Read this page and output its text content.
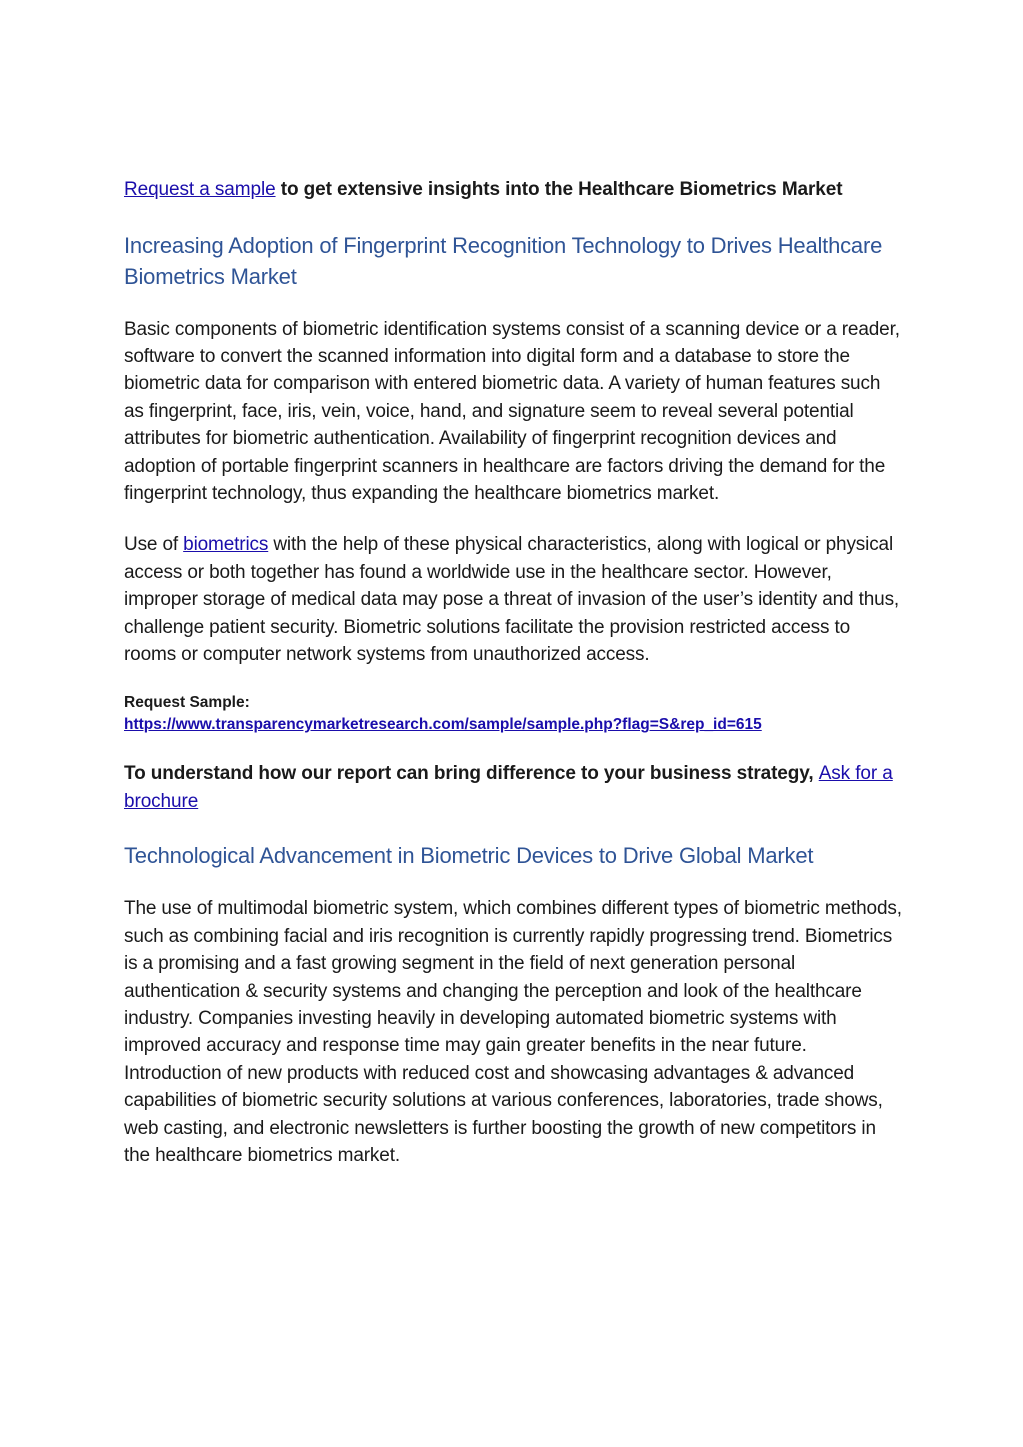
Request a sample to get extensive insights into the Healthcare Biometrics Market

Increasing Adoption of Fingerprint Recognition Technology to Drives Healthcare Biometrics Market

Basic components of biometric identification systems consist of a scanning device or a reader, software to convert the scanned information into digital form and a database to store the biometric data for comparison with entered biometric data. A variety of human features such as fingerprint, face, iris, vein, voice, hand, and signature seem to reveal several potential attributes for biometric authentication. Availability of fingerprint recognition devices and adoption of portable fingerprint scanners in healthcare are factors driving the demand for the fingerprint technology, thus expanding the healthcare biometrics market.

Use of biometrics with the help of these physical characteristics, along with logical or physical access or both together has found a worldwide use in the healthcare sector. However, improper storage of medical data may pose a threat of invasion of the user’s identity and thus, challenge patient security. Biometric solutions facilitate the provision restricted access to rooms or computer network systems from unauthorized access.

Request Sample:

https://www.transparencymarketresearch.com/sample/sample.php?flag=S&rep_id=615

To understand how our report can bring difference to your business strategy, Ask for a brochure

Technological Advancement in Biometric Devices to Drive Global Market

The use of multimodal biometric system, which combines different types of biometric methods, such as combining facial and iris recognition is currently rapidly progressing trend. Biometrics is a promising and a fast growing segment in the field of next generation personal authentication & security systems and changing the perception and look of the healthcare industry. Companies investing heavily in developing automated biometric systems with improved accuracy and response time may gain greater benefits in the near future. Introduction of new products with reduced cost and showcasing advantages & advanced capabilities of biometric security solutions at various conferences, laboratories, trade shows, web casting, and electronic newsletters is further boosting the growth of new competitors in the healthcare biometrics market.
